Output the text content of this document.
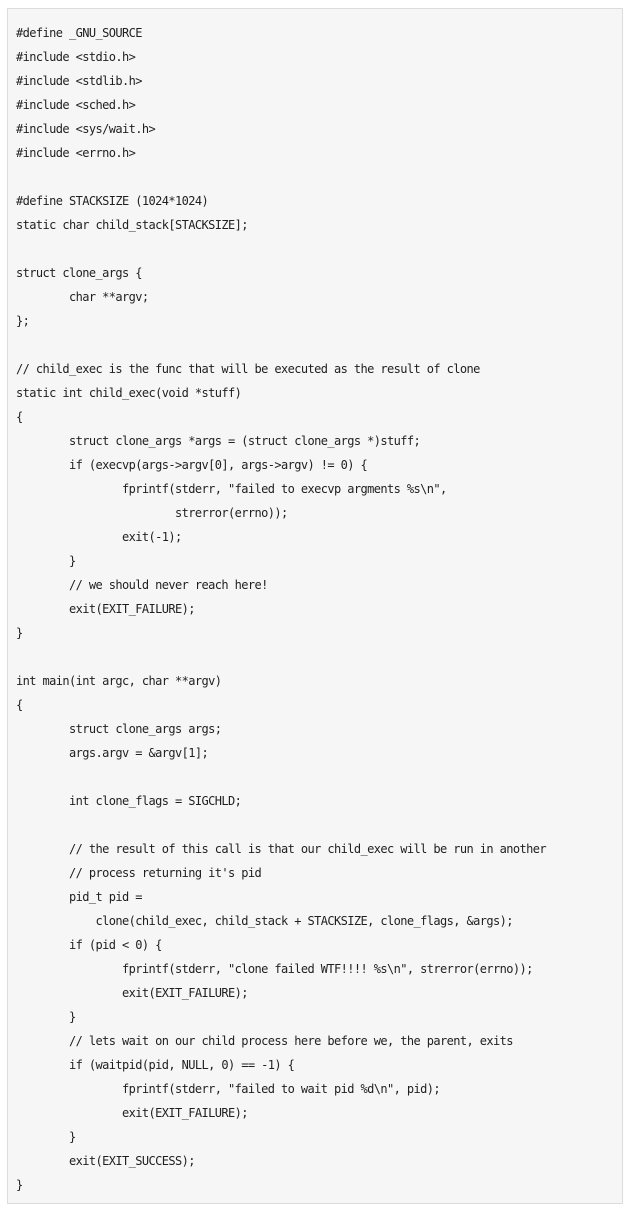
#define _GNU_SOURCE
#include <stdio.h>
#include <stdlib.h>
#include <sched.h>
#include <sys/wait.h>
#include <errno.h>
#define STACKSIZE (1024*1024)
static char child_stack[STACKSIZE];
struct clone_args {
char **argv;
};
// child_exec is the func that will be executed as the result of clone
static int child_exec(void *stuff)
{
struct clone_args *args = (struct clone_args *)stuff;
if (execvp(args->argv[0], args->argv) != 0) {
fprintf(stderr, "failed to execvp argments %s\n",
strerror(errno));
exit(-1);
}
// we should never reach here!
exit(EXIT_FAILURE);
}
int main(int argc, char **argv)
{
struct clone_args args;
args.argv = &argv[1];
int clone_flags = SIGCHLD;
// the result of this call is that our child_exec will be run in another
// process returning it's pid
pid_t pid =
clone(child_exec, child_stack + STACKSIZE, clone_flags, &args);
if (pid < 0) {
fprintf(stderr, "clone failed WTF!!!! %s\n", strerror(errno));
exit(EXIT_FAILURE);
}
// lets wait on our child process here before we, the parent, exits
if (waitpid(pid, NULL, 0) == -1) {
fprintf(stderr, "failed to wait pid %d\n", pid);
exit(EXIT_FAILURE);
}
exit(EXIT_SUCCESS);
}
